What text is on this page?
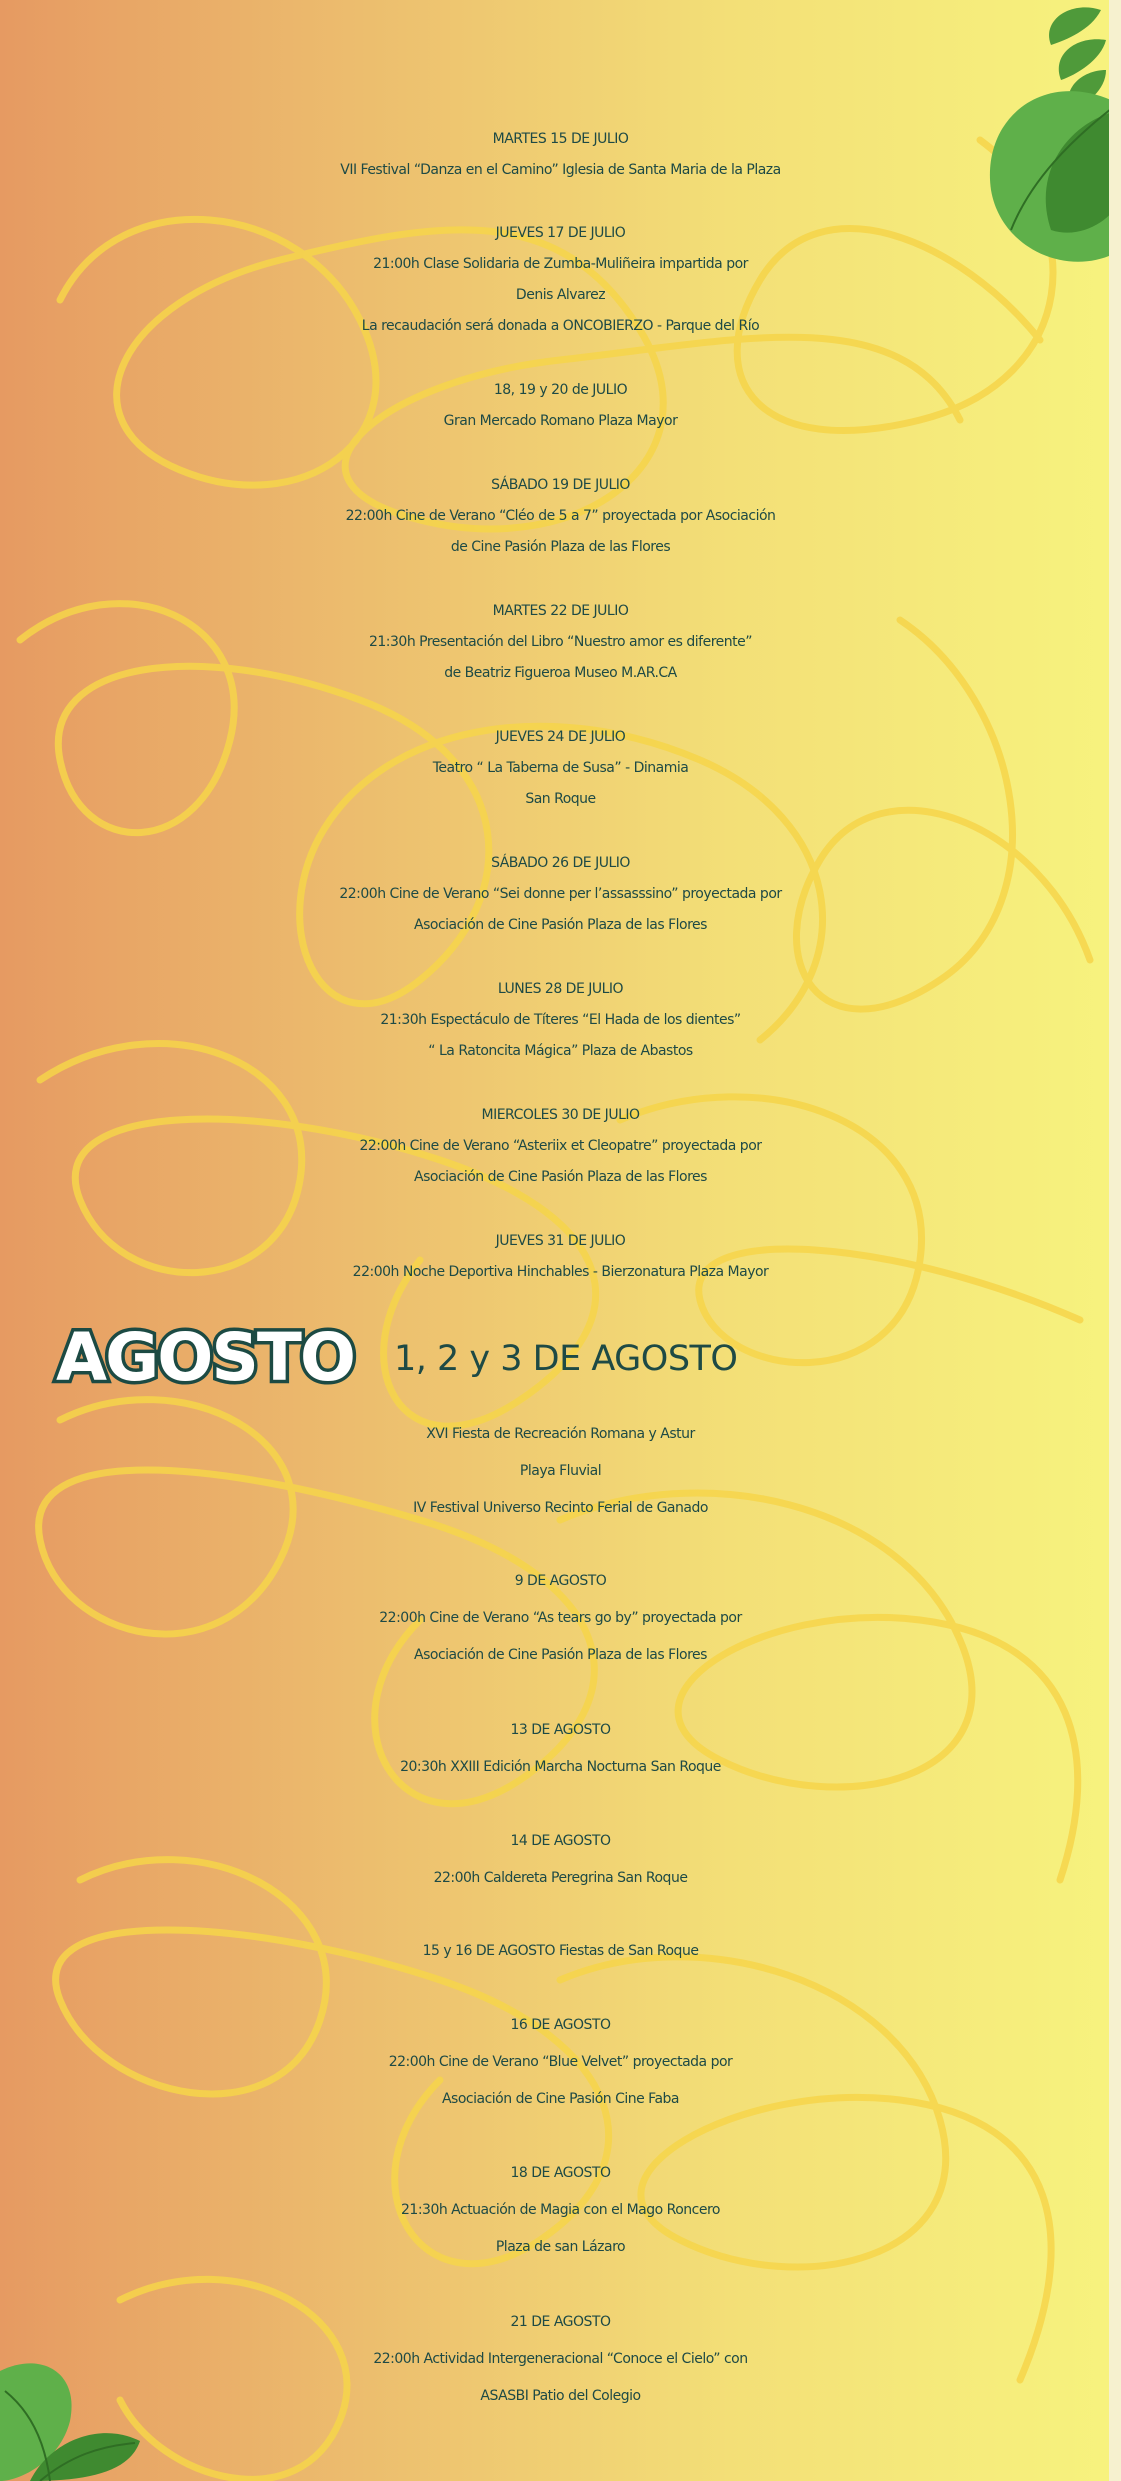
MARTES 15 DE JULIO
VII Festival “Danza en el Camino” Iglesia de Santa Maria de la Plaza
JUEVES 17 DE JULIO
21:00h Clase Solidaria de Zumba-Muliñeira impartida por
Denis Alvarez
La recaudación será donada a ONCOBIERZO - Parque del Río
18, 19 y 20 de JULIO
Gran Mercado Romano Plaza Mayor
SÁBADO 19 DE JULIO
22:00h Cine de Verano “Cléo de 5 a 7” proyectada por Asociación
de Cine Pasión Plaza de las Flores
MARTES 22 DE JULIO
21:30h Presentación del Libro “Nuestro amor es diferente”
de Beatriz Figueroa Museo M.AR.CA
JUEVES 24 DE JULIO
Teatro “ La Taberna de Susa” - Dinamia
San Roque
SÁBADO 26 DE JULIO
22:00h Cine de Verano “Sei donne per l’assasssino” proyectada por
Asociación de Cine Pasión Plaza de las Flores
LUNES 28 DE JULIO
21:30h Espectáculo de Títeres “El Hada de los dientes”
“ La Ratoncita Mágica” Plaza de Abastos
MIERCOLES 30 DE JULIO
22:00h Cine de Verano “Asteriix et Cleopatre” proyectada por
Asociación de Cine Pasión Plaza de las Flores
JUEVES 31 DE JULIO
22:00h Noche Deportiva Hinchables - Bierzonatura Plaza Mayor
AGOSTO 1, 2 y 3 DE AGOSTO
XVI Fiesta de Recreación Romana y Astur
Playa Fluvial
IV Festival Universo Recinto Ferial de Ganado
9 DE AGOSTO
22:00h Cine de Verano “As tears go by” proyectada por
Asociación de Cine Pasión Plaza de las Flores
13 DE AGOSTO
20:30h XXIII Edición Marcha Nocturna San Roque
14 DE AGOSTO
22:00h Caldereta Peregrina San Roque
15 y 16 DE AGOSTO Fiestas de San Roque
16 DE AGOSTO
22:00h Cine de Verano “Blue Velvet” proyectada por
Asociación de Cine Pasión Cine Faba
18 DE AGOSTO
21:30h Actuación de Magia con el Mago Roncero
Plaza de san Lázaro
21 DE AGOSTO
22:00h Actividad Intergeneracional “Conoce el Cielo” con
ASASBI Patio del Colegio
